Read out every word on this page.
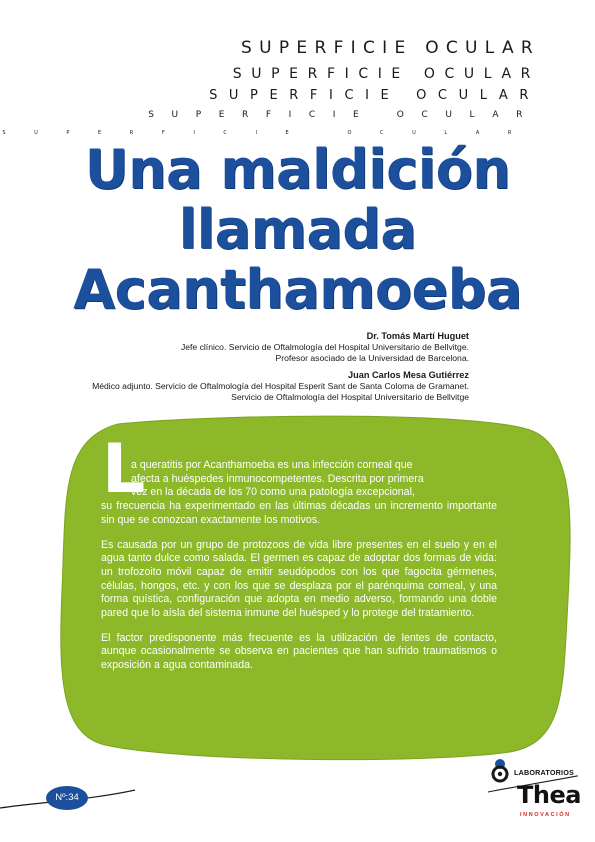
SUPERFICIE OCULAR
SUPERFICIE OCULAR
SUPERFICIE OCULAR
SUPERFICIE OCULAR
SUPERFICIE OCULAR
Una maldición
llamada
Acanthamoeba
Dr. Tomás Martí Huguet
Jefe clínico. Servicio de Oftalmología del Hospital Universitario de Bellvitge.
Profesor asociado de la Universidad de Barcelona.
Juan Carlos Mesa Gutiérrez
Médico adjunto. Servicio de Oftalmología del Hospital Esperit Sant de Santa Coloma de Gramanet.
Servicio de Oftalmología del Hospital Universitario de Bellvitge
L

a queratitis por Acanthamoeba es una infección corneal que
afecta a huéspedes inmunocompetentes. Descrita por primera
vez en la década de los 70 como una patología excepcional,
su frecuencia ha experimentado en las últimas décadas un incremento importante sin que se conozcan exactamente los motivos.

Es causada por un grupo de protozoos de vida libre presentes en el suelo y en el agua tanto dulce como salada. El germen es capaz de adoptar dos formas de vida: un trofozoito móvil capaz de emitir seudópodos con los que fagocita gérmenes, células, hongos, etc. y con los que se desplaza por el parénquima corneal, y una forma quística, configuración que adopta en medio adverso, formando una doble pared que lo aísla del sistema inmune del huésped y lo protege del tratamiento.

El factor predisponente más frecuente es la utilización de lentes de contacto, aunque ocasionalmente se observa en pacientes que han sufrido traumatismos o exposición a agua contaminada.

Nº:34
LABORATORIOS
Thea
INNOVACIÓN
